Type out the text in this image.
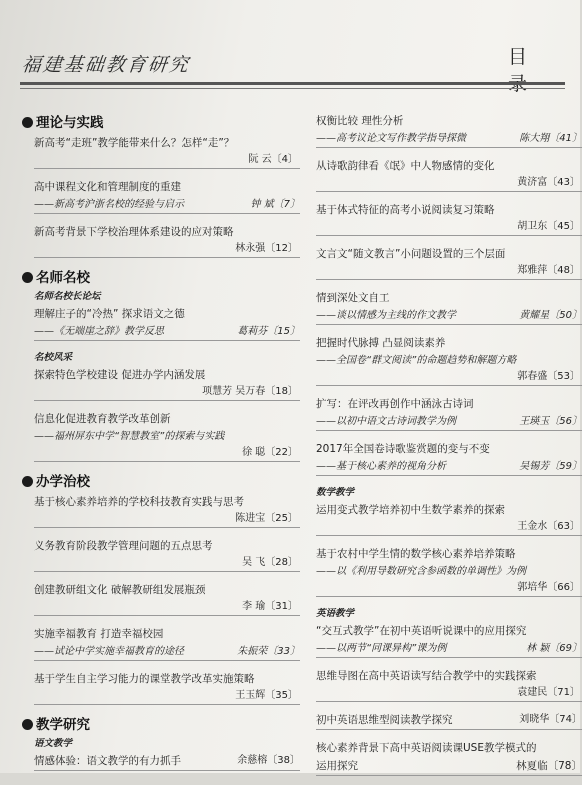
福建基础教育研究	目
理论与实践
新高考“走班”教学能带来什么？怎样“走”？
阮 云〔4〕
高中课程文化和管理制度的重建
——新高考沪浙名校的经验与启示	钟 斌〔7〕
新高考背景下学校治理体系建设的应对策略
林永强〔12〕
名师名校
名师名校长论坛
理解庄子的“冷热” 探求语文之德
——《无端崖之辞》教学反思	葛莉芬〔15〕
名校风采
探索特色学校建设 促进办学内涵发展
项慧芳 吴万春〔18〕
信息化促进教育教学改革创新
——福州屏东中学“智慧教室”的探索与实践
徐 聪〔22〕
办学治校
基于核心素养培养的学校科技教育实践与思考
陈进宝〔25〕
义务教育阶段教学管理问题的五点思考
吴 飞〔28〕
创建教研组文化 破解教研组发展瓶颈
李 瑜〔31〕
实施幸福教育 打造幸福校园
——试论中学实施幸福教育的途径	朱振荣〔33〕
基于学生自主学习能力的课堂教学改革实施策略
王玉辉〔35〕
教学研究
语文教学
情感体验：语文教学的有力抓手	余慈榕〔38〕
权衡比较 理性分析
——高考议论文写作教学指导探微	陈大翔〔41〕
从诗歌韵律看《氓》中人物感情的变化
黄济富〔43〕
基于体式特征的高考小说阅读复习策略
胡卫东〔45〕
文言文“随文教言”小问题设置的三个层面
郑雅萍〔48〕
情到深处文自工
——谈以情感为主线的作文教学	黄耀星〔50〕
把握时代脉搏 凸显阅读素养
——全国卷“群文阅读”的命题趋势和解题方略
郭春盛〔53〕
扩写：在评改再创作中涵泳古诗词
——以初中语文古诗词教学为例	王瑛玉〔56〕
2017年全国卷诗歌鉴赏题的变与不变
——基于核心素养的视角分析	吴锡芳〔59〕
数学教学
运用变式教学培养初中生数学素养的探索
王金水〔63〕
基于农村中学生情的数学核心素养培养策略
——以《利用导数研究含参函数的单调性》为例
郭培华〔66〕
英语教学
“交互式教学”在初中英语听说课中的应用探究
——以两节“同课异构”课为例	林 颖〔69〕
思维导图在高中英语读写结合教学中的实践探索
袁建民〔71〕
初中英语思维型阅读教学探究	刘晓华〔74〕
核心素养背景下高中英语阅读课USE教学模式的
运用探究	林夏临〔78〕
